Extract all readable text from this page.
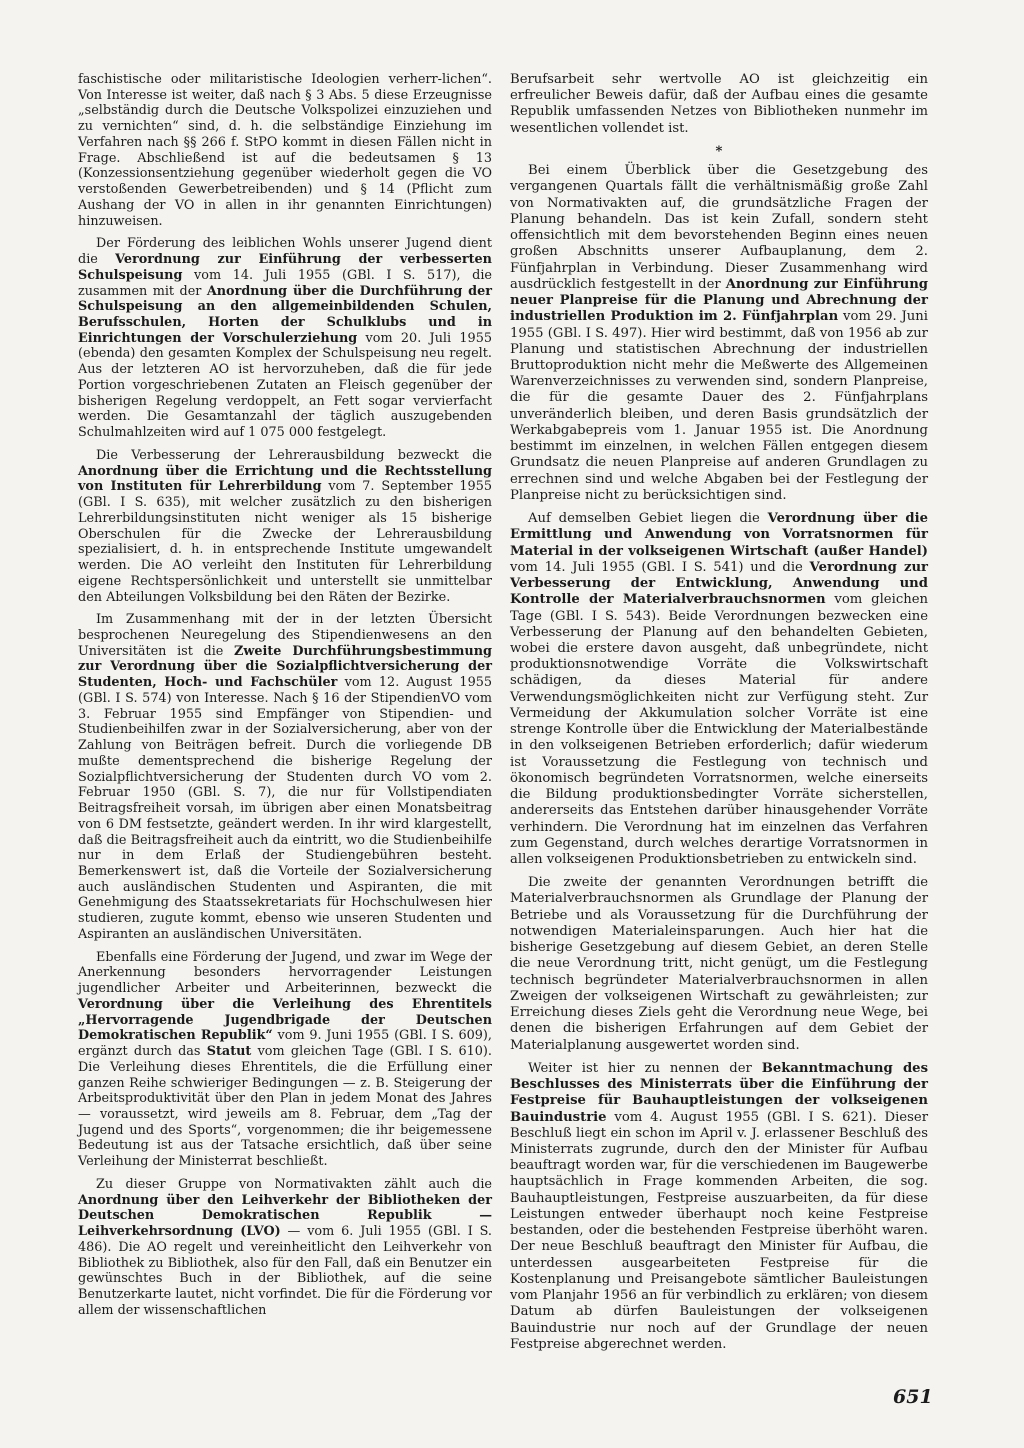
faschistische oder militaristische Ideologien verherr-lichen“. Von Interesse ist weiter, daß nach § 3 Abs. 5 diese Erzeugnisse „selbständig durch die Deutsche Volkspolizei einzuziehen und zu vernichten“ sind, d. h. die selbständige Einziehung im Verfahren nach §§ 266 f. StPO kommt in diesen Fällen nicht in Frage. Abschließend ist auf die bedeutsamen § 13 (Konzessionsentziehung gegenüber wiederholt gegen die VO verstoßenden Gewerbetreibenden) und § 14 (Pflicht zum Aushang der VO in allen in ihr genannten Einrichtungen) hinzuweisen.

Der Förderung des leiblichen Wohls unserer Jugend dient die Verordnung zur Einführung der verbesserten Schulspeisung vom 14. Juli 1955 (GBl. I S. 517), die zusammen mit der Anordnung über die Durchführung der Schulspeisung an den allgemeinbildenden Schulen, Berufsschulen, Horten der Schulklubs und in Einrichtungen der Vorschulerziehung vom 20. Juli 1955 (ebenda) den gesamten Komplex der Schulspeisung neu regelt. Aus der letzteren AO ist hervorzuheben, daß die für jede Portion vorgeschriebenen Zutaten an Fleisch gegenüber der bisherigen Regelung verdoppelt, an Fett sogar vervierfacht werden. Die Gesamtanzahl der täglich auszugebenden Schulmahlzeiten wird auf 1 075 000 festgelegt.

Die Verbesserung der Lehrerausbildung bezweckt die Anordnung über die Errichtung und die Rechtsstellung von Instituten für Lehrerbildung vom 7. September 1955 (GBl. I S. 635), mit welcher zusätzlich zu den bisherigen Lehrerbildungsinstituten nicht weniger als 15 bisherige Oberschulen für die Zwecke der Lehrerausbildung spezialisiert, d. h. in entsprechende Institute umgewandelt werden. Die AO verleiht den Instituten für Lehrerbildung eigene Rechtspersönlichkeit und unterstellt sie unmittelbar den Abteilungen Volksbildung bei den Räten der Bezirke.

Im Zusammenhang mit der in der letzten Übersicht besprochenen Neuregelung des Stipendienwesens an den Universitäten ist die Zweite Durchführungsbestimmung zur Verordnung über die Sozialpflichtversicherung der Studenten, Hoch- und Fachschüler vom 12. August 1955 (GBl. I S. 574) von Interesse. Nach § 16 der StipendienVO vom 3. Februar 1955 sind Empfänger von Stipendien- und Studienbeihilfen zwar in der Sozialversicherung, aber von der Zahlung von Beiträgen befreit. Durch die vorliegende DB mußte dementsprechend die bisherige Regelung der Sozialpflichtversicherung der Studenten durch VO vom 2. Februar 1950 (GBl. S. 7), die nur für Vollstipendiaten Beitragsfreiheit vorsah, im übrigen aber einen Monatsbeitrag von 6 DM festsetzte, geändert werden. In ihr wird klargestellt, daß die Beitragsfreiheit auch da eintritt, wo die Studienbeihilfe nur in dem Erlaß der Studiengebühren besteht. Bemerkenswert ist, daß die Vorteile der Sozialversicherung auch ausländischen Studenten und Aspiranten, die mit Genehmigung des Staatssekretariats für Hochschulwesen hier studieren, zugute kommt, ebenso wie unseren Studenten und Aspiranten an ausländischen Universitäten.

Ebenfalls eine Förderung der Jugend, und zwar im Wege der Anerkennung besonders hervorragender Leistungen jugendlicher Arbeiter und Arbeiterinnen, bezweckt die Verordnung über die Verleihung des Ehrentitels „Hervorragende Jugendbrigade der Deutschen Demokratischen Republik“ vom 9. Juni 1955 (GBl. I S. 609), ergänzt durch das Statut vom gleichen Tage (GBl. I S. 610). Die Verleihung dieses Ehrentitels, die die Erfüllung einer ganzen Reihe schwieriger Bedingungen — z. B. Steigerung der Arbeitsproduktivität über den Plan in jedem Monat des Jahres — voraussetzt, wird jeweils am 8. Februar, dem „Tag der Jugend und des Sports“, vorgenommen; die ihr beigemessene Bedeutung ist aus der Tatsache ersichtlich, daß über seine Verleihung der Ministerrat beschließt.

Zu dieser Gruppe von Normativakten zählt auch die Anordnung über den Leihverkehr der Bibliotheken der Deutschen Demokratischen Republik — Leihverkehrsordnung (LVO) — vom 6. Juli 1955 (GBl. I S. 486). Die AO regelt und vereinheitlicht den Leihverkehr von Bibliothek zu Bibliothek, also für den Fall, daß ein Benutzer ein gewünschtes Buch in der Bibliothek, auf die seine Benutzerkarte lautet, nicht vorfindet. Die für die Förderung vor allem der wissenschaftlichen

Berufsarbeit sehr wertvolle AO ist gleichzeitig ein erfreulicher Beweis dafür, daß der Aufbau eines die gesamte Republik umfassenden Netzes von Bibliotheken nunmehr im wesentlichen vollendet ist.

*

Bei einem Überblick über die Gesetzgebung des vergangenen Quartals fällt die verhältnismäßig große Zahl von Normativakten auf, die grundsätzliche Fragen der Planung behandeln. Das ist kein Zufall, sondern steht offensichtlich mit dem bevorstehenden Beginn eines neuen großen Abschnitts unserer Aufbauplanung, dem 2. Fünfjahrplan in Verbindung. Dieser Zusammenhang wird ausdrücklich festgestellt in der Anordnung zur Einführung neuer Planpreise für die Planung und Abrechnung der industriellen Produktion im 2. Fünfjahrplan vom 29. Juni 1955 (GBl. I S. 497). Hier wird bestimmt, daß von 1956 ab zur Planung und statistischen Abrechnung der industriellen Bruttoproduktion nicht mehr die Meßwerte des Allgemeinen Warenverzeichnisses zu verwenden sind, sondern Planpreise, die für die gesamte Dauer des 2. Fünfjahrplans unveränderlich bleiben, und deren Basis grundsätzlich der Werkabgabepreis vom 1. Januar 1955 ist. Die Anordnung bestimmt im einzelnen, in welchen Fällen entgegen diesem Grundsatz die neuen Planpreise auf anderen Grundlagen zu errechnen sind und welche Abgaben bei der Festlegung der Planpreise nicht zu berücksichtigen sind.

Auf demselben Gebiet liegen die Verordnung über die Ermittlung und Anwendung von Vorratsnormen für Material in der volkseigenen Wirtschaft (außer Handel) vom 14. Juli 1955 (GBl. I S. 541) und die Verordnung zur Verbesserung der Entwicklung, Anwendung und Kontrolle der Materialverbrauchsnormen vom gleichen Tage (GBl. I S. 543). Beide Verordnungen bezwecken eine Verbesserung der Planung auf den behandelten Gebieten, wobei die erstere davon ausgeht, daß unbegründete, nicht produktionsnotwendige Vorräte die Volkswirtschaft schädigen, da dieses Material für andere Verwendungsmöglichkeiten nicht zur Verfügung steht. Zur Vermeidung der Akkumulation solcher Vorräte ist eine strenge Kontrolle über die Entwicklung der Materialbestände in den volkseigenen Betrieben erforderlich; dafür wiederum ist Voraussetzung die Festlegung von technisch und ökonomisch begründeten Vorratsnormen, welche einerseits die Bildung produktionsbedingter Vorräte sicherstellen, andererseits das Entstehen darüber hinausgehender Vorräte verhindern. Die Verordnung hat im einzelnen das Verfahren zum Gegenstand, durch welches derartige Vorratsnormen in allen volkseigenen Produktionsbetrieben zu entwickeln sind.

Die zweite der genannten Verordnungen betrifft die Materialverbrauchsnormen als Grundlage der Planung der Betriebe und als Voraussetzung für die Durchführung der notwendigen Materialeinsparungen. Auch hier hat die bisherige Gesetzgebung auf diesem Gebiet, an deren Stelle die neue Verordnung tritt, nicht genügt, um die Festlegung technisch begründeter Materialverbrauchsnormen in allen Zweigen der volkseigenen Wirtschaft zu gewährleisten; zur Erreichung dieses Ziels geht die Verordnung neue Wege, bei denen die bisherigen Erfahrungen auf dem Gebiet der Materialplanung ausgewertet worden sind.

Weiter ist hier zu nennen der Bekanntmachung des Beschlusses des Ministerrats über die Einführung der Festpreise für Bauhauptleistungen der volkseigenen Bauindustrie vom 4. August 1955 (GBl. I S. 621). Dieser Beschluß liegt ein schon im April v. J. erlassener Beschluß des Ministerrats zugrunde, durch den der Minister für Aufbau beauftragt worden war, für die verschiedenen im Baugewerbe hauptsächlich in Frage kommenden Arbeiten, die sog. Bauhauptleistungen, Festpreise auszuarbeiten, da für diese Leistungen entweder überhaupt noch keine Festpreise bestanden, oder die bestehenden Festpreise überhöht waren. Der neue Beschluß beauftragt den Minister für Aufbau, die unterdessen ausgearbeiteten Festpreise für die Kostenplanung und Preisangebote sämtlicher Bauleistungen vom Planjahr 1956 an für verbindlich zu erklären; von diesem Datum ab dürfen Bauleistungen der volkseigenen Bauindustrie nur noch auf der Grundlage der neuen Festpreise abgerechnet werden.

651
